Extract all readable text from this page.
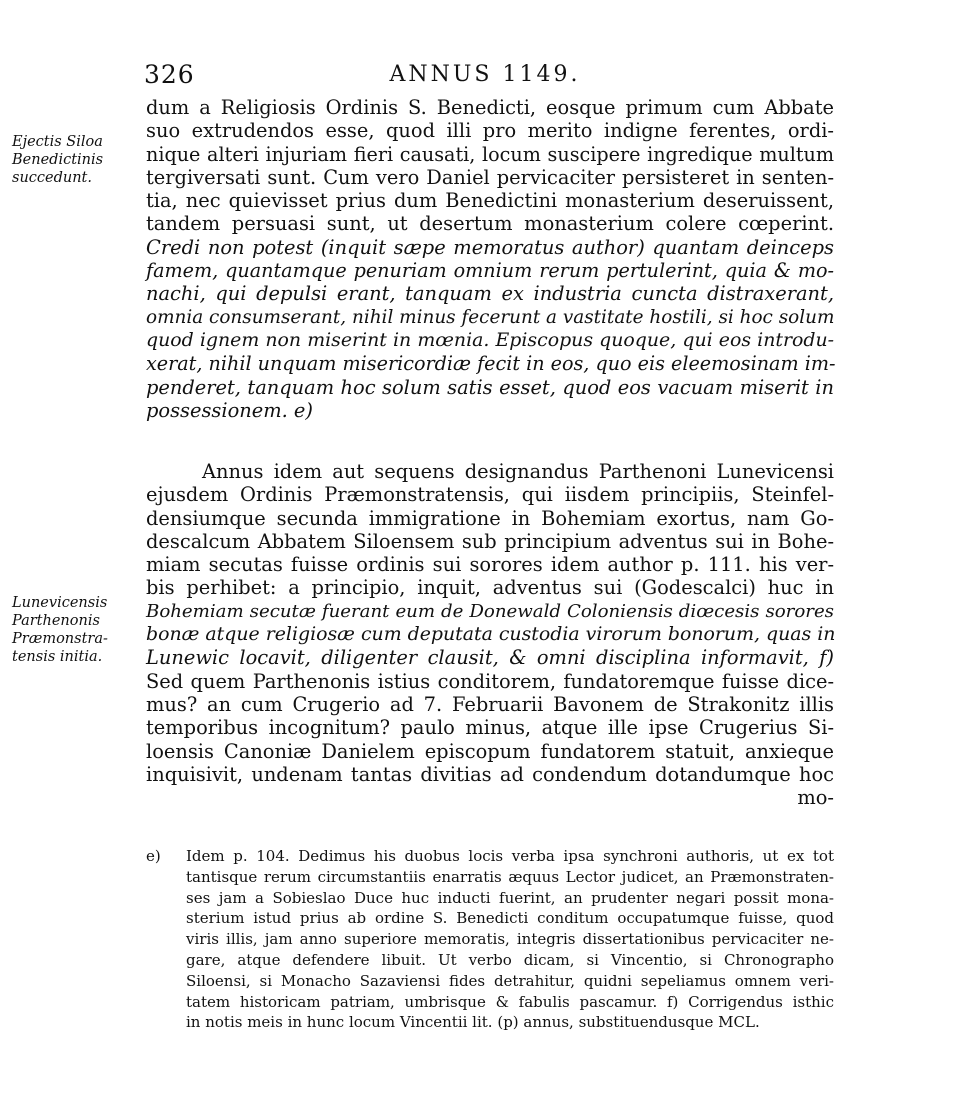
326	ANNUS 1149.
Ejectis Siloa
Benedictinis
succedunt.
Lunevicensis
Parthenonis
Præmonstra-
tensis initia.
dum a Religiosis Ordinis S. Benedicti, eosque primum cum Abbate
suo extrudendos esse, quod illi pro merito indigne ferentes, ordi-
nique alteri injuriam fieri causati, locum suscipere ingredique multum
tergiversati sunt. Cum vero Daniel pervicaciter persisteret in senten-
tia, nec quievisset prius dum Benedictini monasterium deseruissent,
tandem persuasi sunt, ut desertum monasterium colere cœperint.
Credi non potest (inquit sæpe memoratus author) quantam deinceps
famem, quantamque penuriam omnium rerum pertulerint, quia & mo-
nachi, qui depulsi erant, tanquam ex industria cuncta distraxerant,
omnia consumserant, nihil minus fecerunt a vastitate hostili, si hoc solum
quod ignem non miserint in mœnia. Episcopus quoque, qui eos introdu-
xerat, nihil unquam misericordiæ fecit in eos, quo eis eleemosinam im-
penderet, tanquam hoc solum satis esset, quod eos vacuam miserit in
possessionem. e)
Annus idem aut sequens designandus Parthenoni Lunevicensi
ejusdem Ordinis Præmonstratensis, qui iisdem principiis, Steinfel-
densiumque secunda immigratione in Bohemiam exortus, nam Go-
descalcum Abbatem Siloensem sub principium adventus sui in Bohe-
miam secutas fuisse ordinis sui sorores idem author p. 111. his ver-
bis perhibet: a principio, inquit, adventus sui (Godescalci) huc in
Bohemiam secutæ fuerant eum de Donewald Coloniensis diœcesis sorores
bonæ atque religiosæ cum deputata custodia virorum bonorum, quas in
Lunewic locavit, diligenter clausit, & omni disciplina informavit, f)
Sed quem Parthenonis istius conditorem, fundatoremque fuisse dice-
mus? an cum Crugerio ad 7. Februarii Bavonem de Strakonitz illis
temporibus incognitum? paulo minus, atque ille ipse Crugerius Si-
loensis Canoniæ Danielem episcopum fundatorem statuit, anxieque
inquisivit, undenam tantas divitias ad condendum dotandumque hoc
mo-
e) Idem p. 104. Dedimus his duobus locis verba ipsa synchroni authoris, ut ex tot
tantisque rerum circumstantiis enarratis æquus Lector judicet, an Præmonstraten-
ses jam a Sobieslao Duce huc inducti fuerint, an prudenter negari possit mona-
sterium istud prius ab ordine S. Benedicti conditum occupatumque fuisse, quod
viris illis, jam anno superiore memoratis, integris dissertationibus pervicaciter ne-
gare, atque defendere libuit. Ut verbo dicam, si Vincentio, si Chronographo
Siloensi, si Monacho Sazaviensi fides detrahitur, quidni sepeliamus omnem veri-
tatem historicam patriam, umbrisque & fabulis pascamur. f) Corrigendus isthic
in notis meis in hunc locum Vincentii lit. (p) annus, substituendusque MCL.
